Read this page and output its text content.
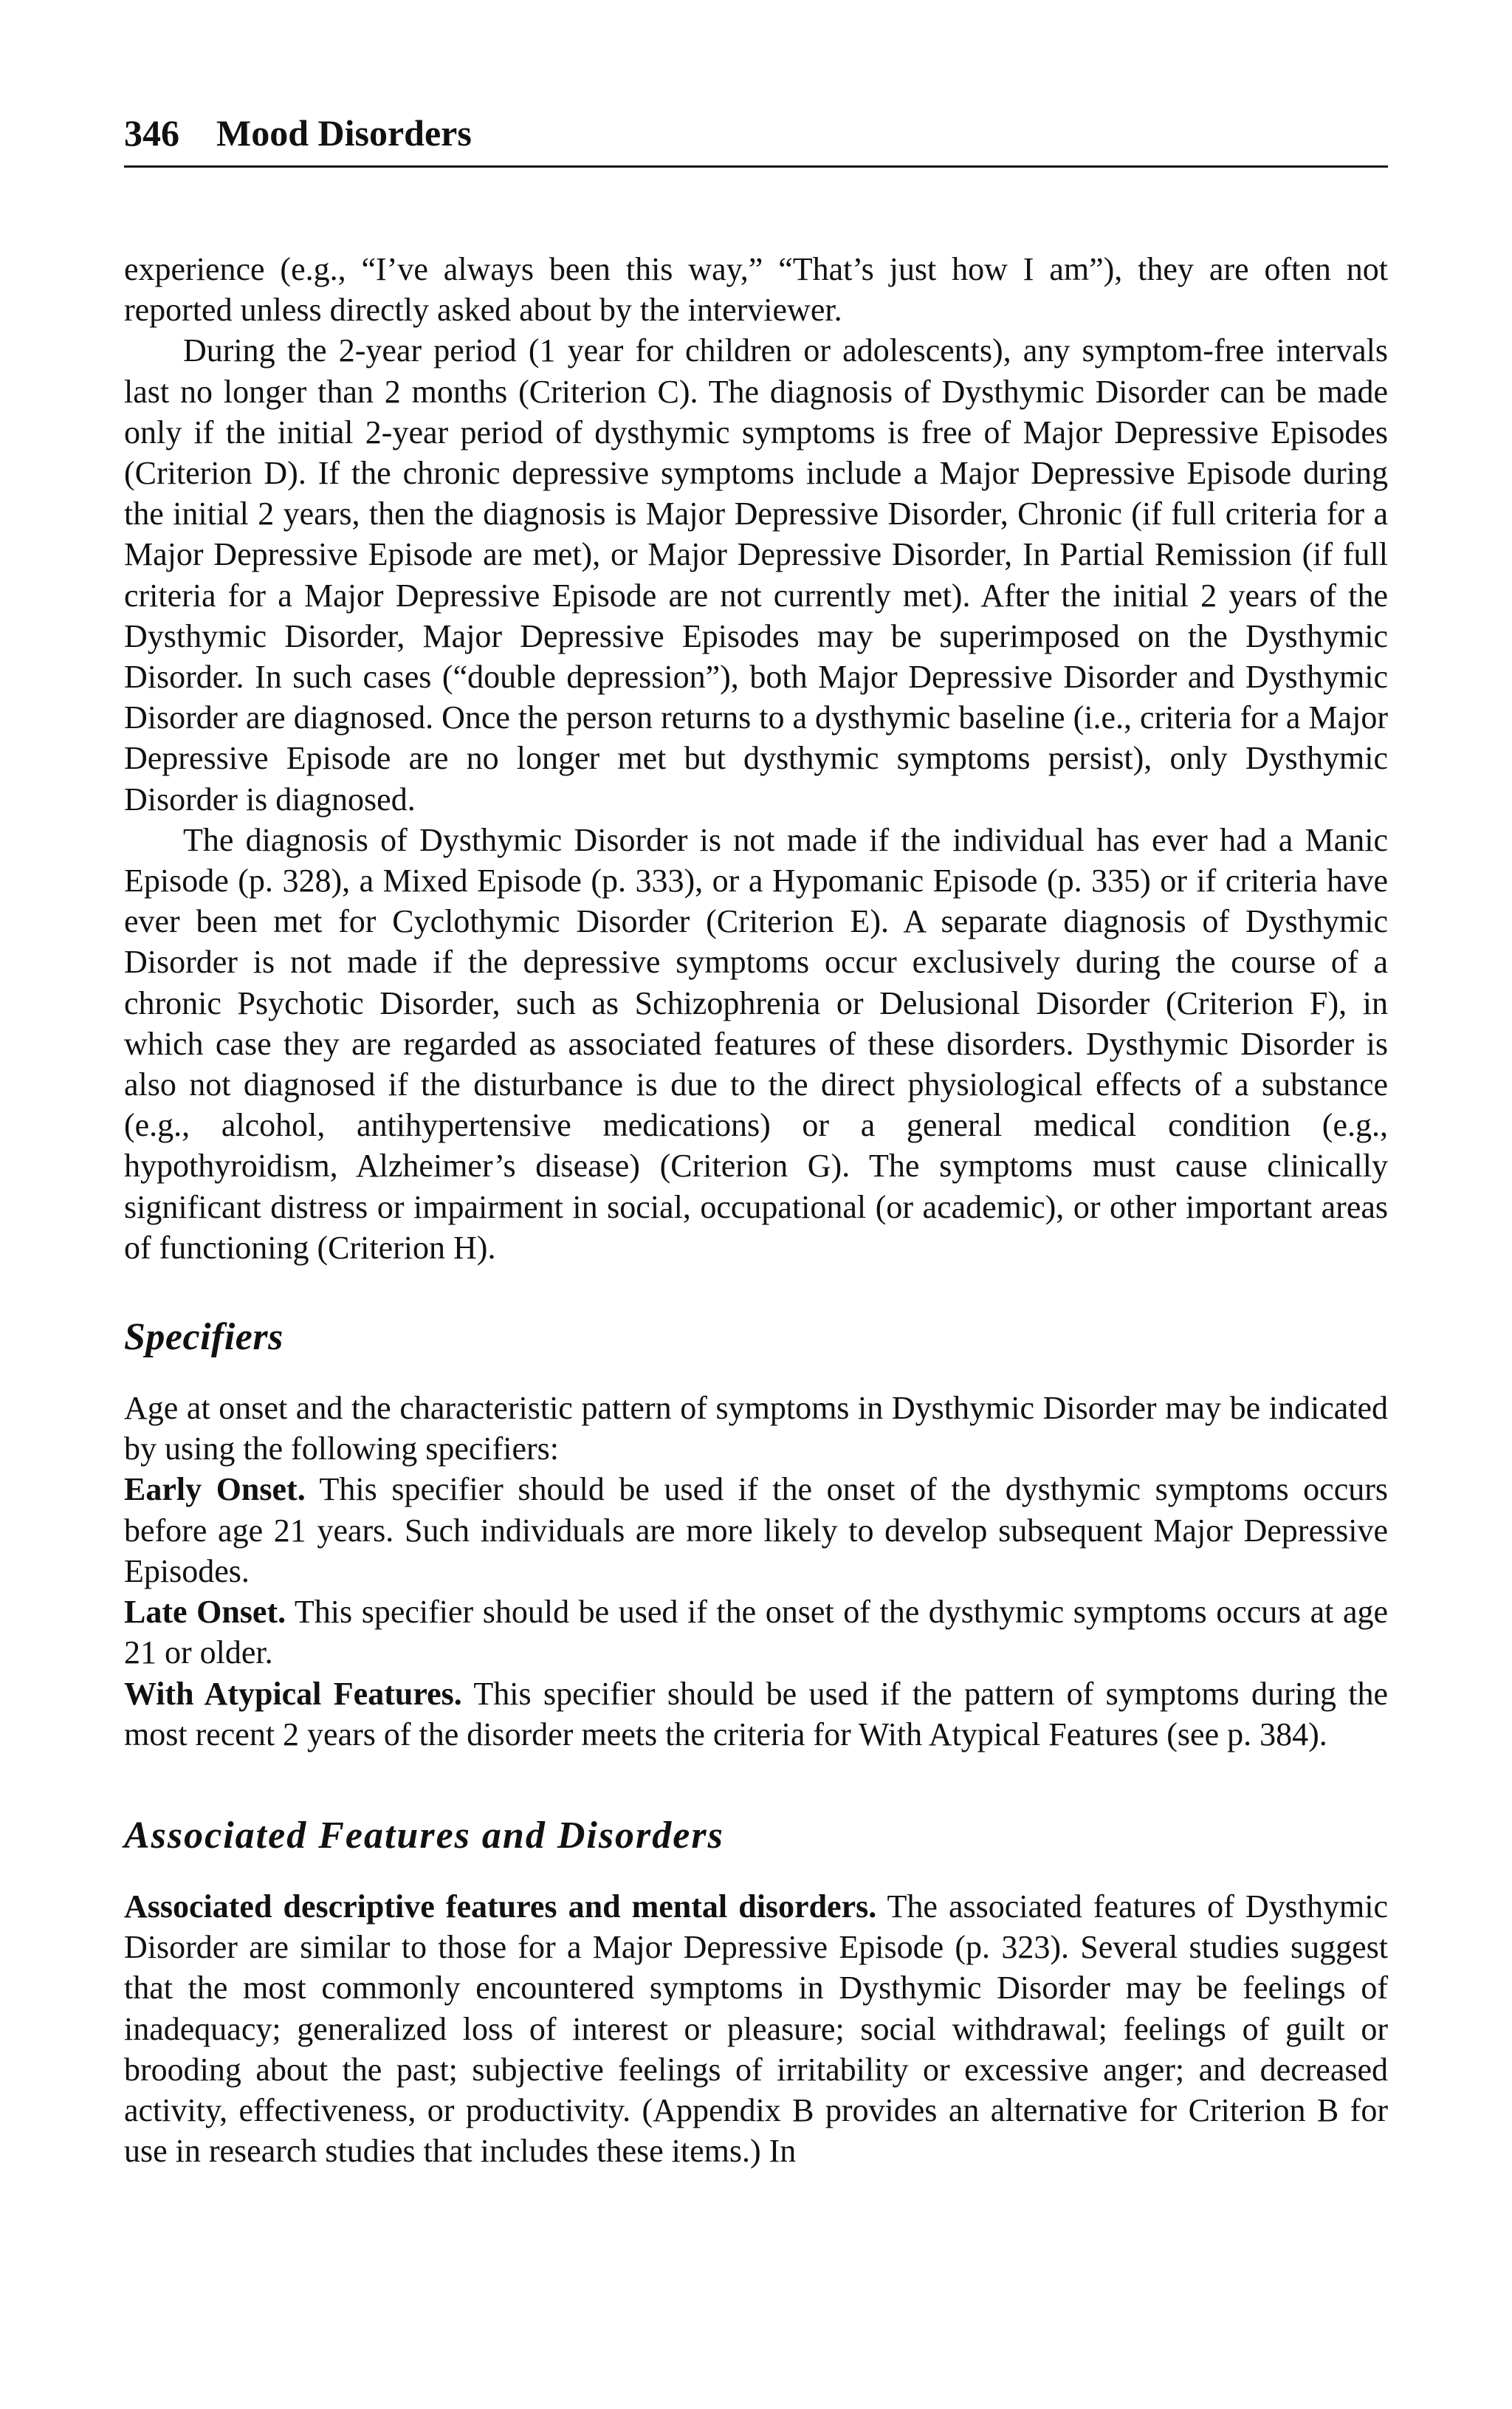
346 Mood Disorders

experience (e.g., “I’ve always been this way,” “That’s just how I am”), they are often not reported unless directly asked about by the interviewer.

During the 2-year period (1 year for children or adolescents), any symptom-free intervals last no longer than 2 months (Criterion C). The diagnosis of Dysthymic Disorder can be made only if the initial 2-year period of dysthymic symptoms is free of Major Depressive Episodes (Criterion D). If the chronic depressive symptoms include a Major Depressive Episode during the initial 2 years, then the diagnosis is Major Depressive Disorder, Chronic (if full criteria for a Major Depressive Episode are met), or Major Depressive Disorder, In Partial Remission (if full criteria for a Major Depressive Episode are not currently met). After the initial 2 years of the Dysthymic Disorder, Major Depressive Episodes may be superimposed on the Dysthymic Disorder. In such cases (“double depression”), both Major Depressive Disorder and Dysthymic Disorder are diagnosed. Once the person returns to a dysthymic baseline (i.e., criteria for a Major Depressive Episode are no longer met but dysthymic symptoms persist), only Dysthymic Disorder is diagnosed.

The diagnosis of Dysthymic Disorder is not made if the individual has ever had a Manic Episode (p. 328), a Mixed Episode (p. 333), or a Hypomanic Episode (p. 335) or if criteria have ever been met for Cyclothymic Disorder (Criterion E). A separate diagnosis of Dysthymic Disorder is not made if the depressive symptoms occur exclusively during the course of a chronic Psychotic Disorder, such as Schizophrenia or Delusional Disorder (Criterion F), in which case they are regarded as associated features of these disorders. Dysthymic Disorder is also not diagnosed if the disturbance is due to the direct physiological effects of a substance (e.g., alcohol, antihypertensive medications) or a general medical condition (e.g., hypothyroidism, Alzheimer’s disease) (Criterion G). The symptoms must cause clinically significant distress or impairment in social, occupational (or academic), or other important areas of functioning (Criterion H).

Specifiers

Age at onset and the characteristic pattern of symptoms in Dysthymic Disorder may be indicated by using the following specifiers:

Early Onset. This specifier should be used if the onset of the dysthymic symptoms occurs before age 21 years. Such individuals are more likely to develop subsequent Major Depressive Episodes.

Late Onset. This specifier should be used if the onset of the dysthymic symptoms occurs at age 21 or older.

With Atypical Features. This specifier should be used if the pattern of symptoms during the most recent 2 years of the disorder meets the criteria for With Atypical Features (see p. 384).

Associated Features and Disorders

Associated descriptive features and mental disorders. The associated features of Dysthymic Disorder are similar to those for a Major Depressive Episode (p. 323). Several studies suggest that the most commonly encountered symptoms in Dysthymic Disorder may be feelings of inadequacy; generalized loss of interest or pleasure; social withdrawal; feelings of guilt or brooding about the past; subjective feelings of irritability or excessive anger; and decreased activity, effectiveness, or productivity. (Appendix B provides an alternative for Criterion B for use in research studies that includes these items.) In
